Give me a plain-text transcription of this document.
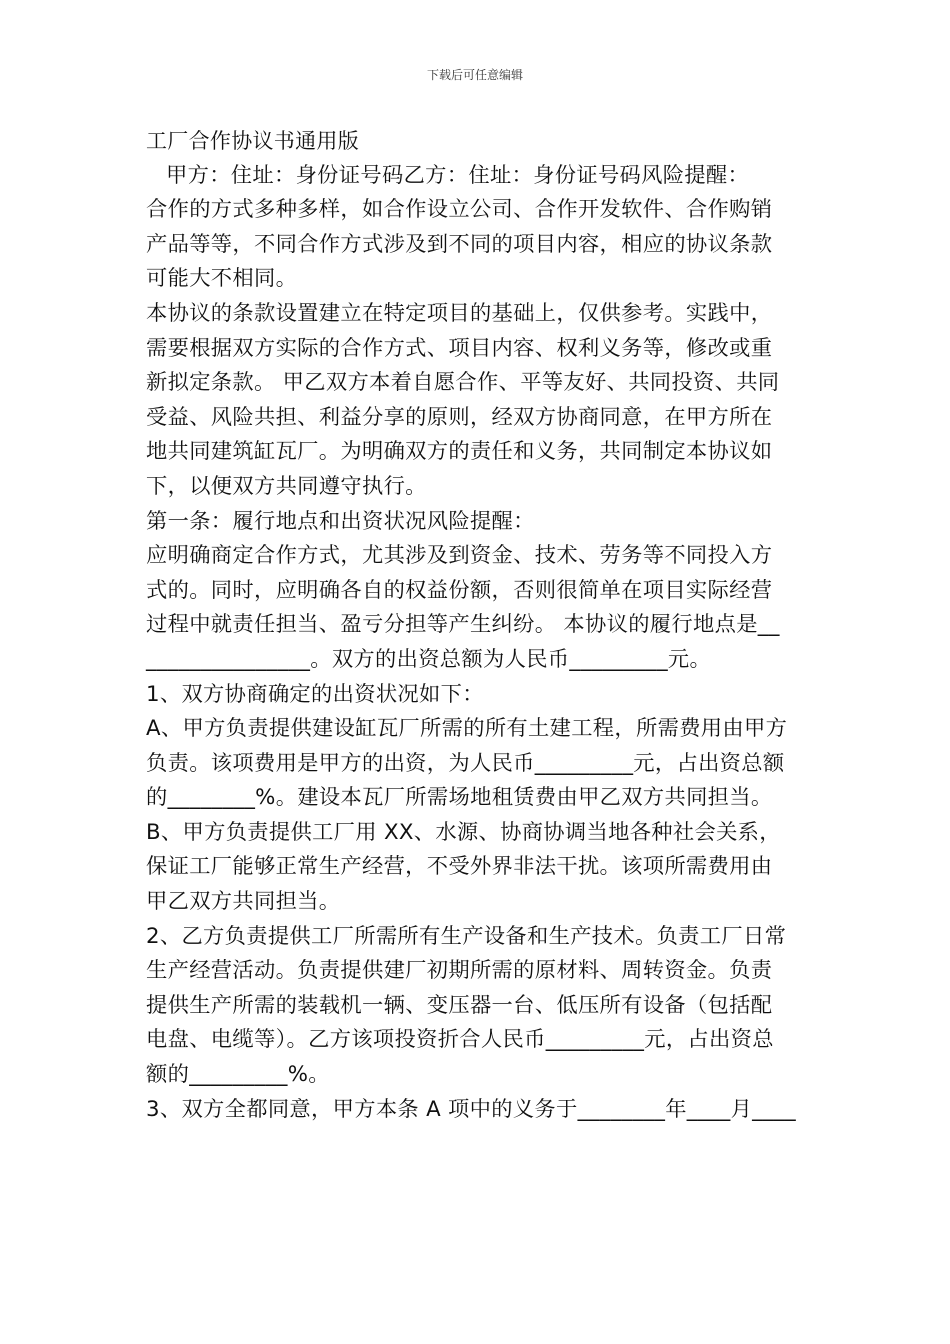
下载后可任意编辑
工厂合作协议书通用版
甲方：住址：身份证号码乙方：住址：身份证号码风险提醒：
合作的方式多种多样，如合作设立公司、合作开发软件、合作购销
产品等等，不同合作方式涉及到不同的项目内容，相应的协议条款
可能大不相同。
本协议的条款设置建立在特定项目的基础上，仅供参考。实践中，
需要根据双方实际的合作方式、项目内容、权利义务等，修改或重
新拟定条款。 甲乙双方本着自愿合作、平等友好、共同投资、共同
受益、风险共担、利益分享的原则，经双方协商同意，在甲方所在
地共同建筑缸瓦厂。为明确双方的责任和义务，共同制定本协议如
下，以便双方共同遵守执行。
第一条：履行地点和出资状况风险提醒：
应明确商定合作方式，尤其涉及到资金、技术、劳务等不同投入方
式的。同时，应明确各自的权益份额，否则很简单在项目实际经营
过程中就责任担当、盈亏分担等产生纠纷。 本协议的履行地点是__
_______________。双方的出资总额为人民币_________元。
1、双方协商确定的出资状况如下：
A、甲方负责提供建设缸瓦厂所需的所有土建工程，所需费用由甲方
负责。该项费用是甲方的出资，为人民币_________元，占出资总额
的________%。建设本瓦厂所需场地租赁费由甲乙双方共同担当。
B、甲方负责提供工厂用 XX、水源、协商协调当地各种社会关系，
保证工厂能够正常生产经营，不受外界非法干扰。该项所需费用由
甲乙双方共同担当。
2、乙方负责提供工厂所需所有生产设备和生产技术。负责工厂日常
生产经营活动。负责提供建厂初期所需的原材料、周转资金。负责
提供生产所需的装载机一辆、变压器一台、低压所有设备（包括配
电盘、电缆等）。乙方该项投资折合人民币_________元，占出资总
额的_________%。
3、双方全都同意，甲方本条 A 项中的义务于________年____月____
